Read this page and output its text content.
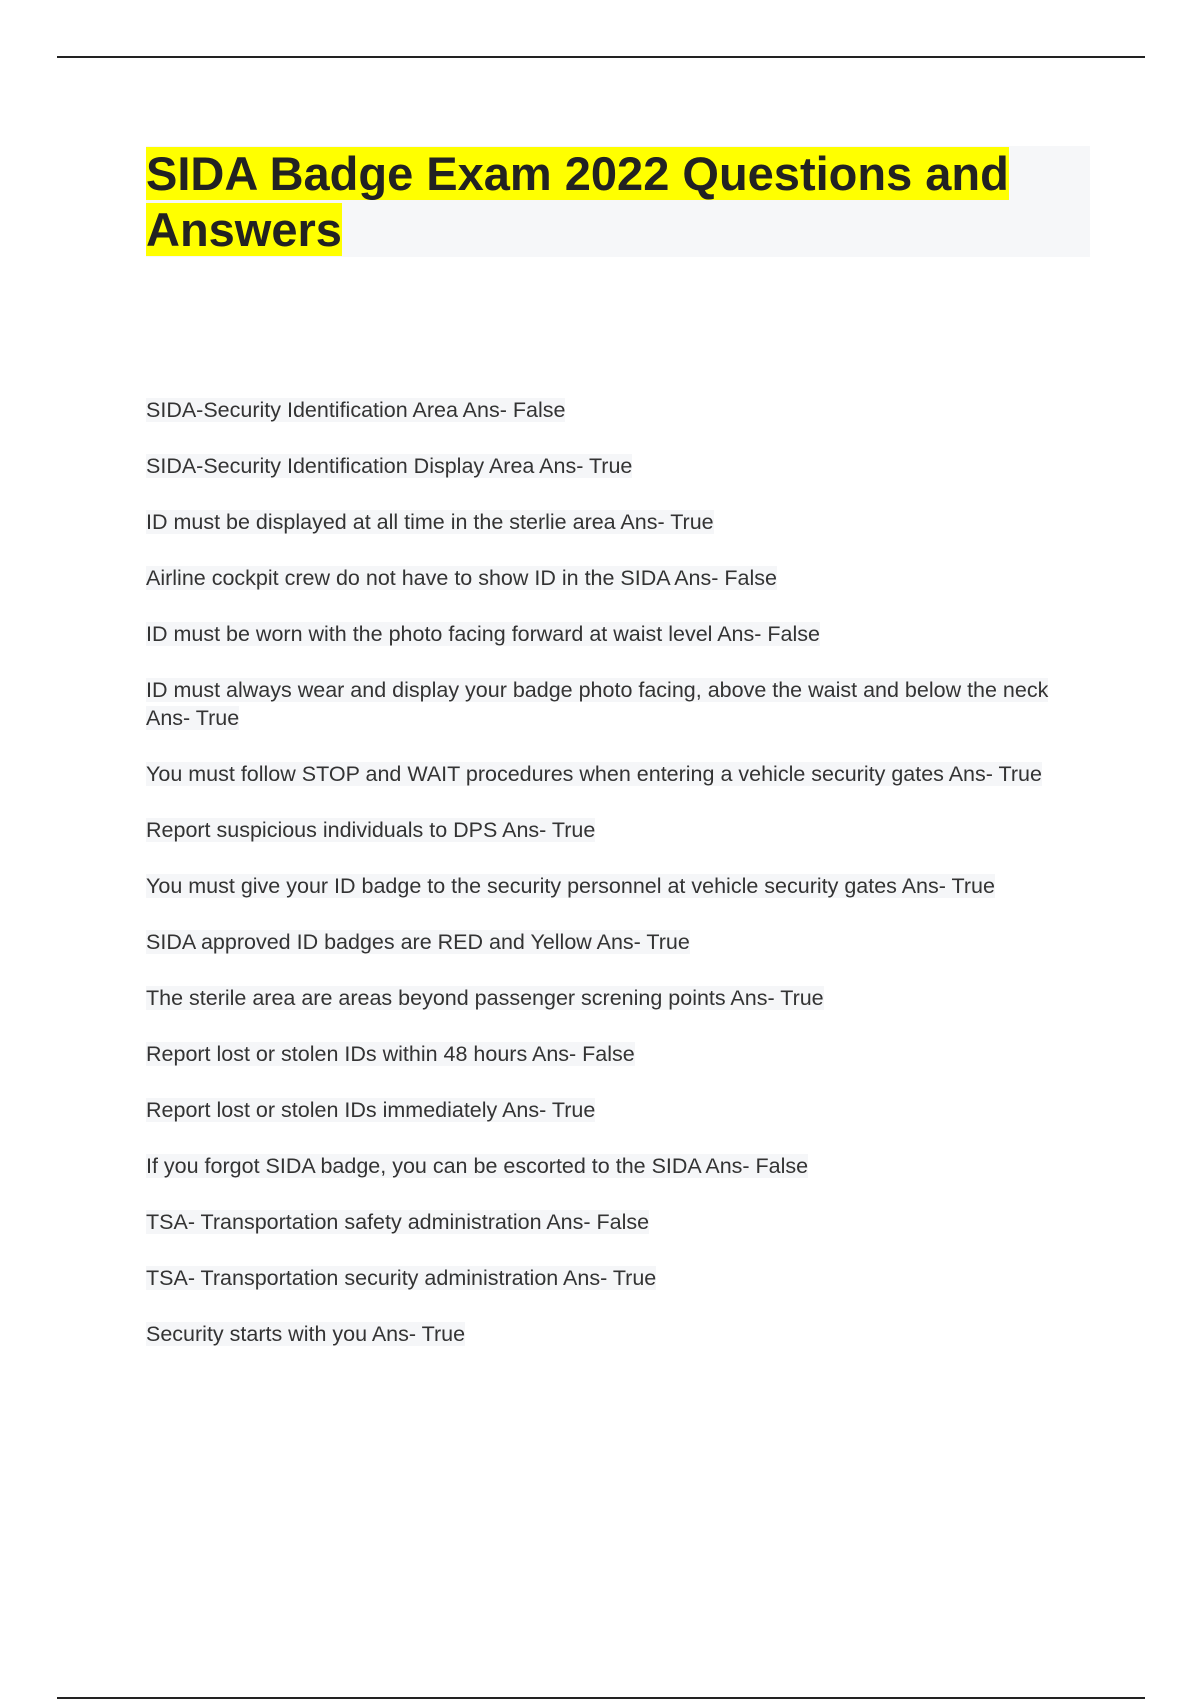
SIDA Badge Exam 2022 Questions and Answers
SIDA-Security Identification Area Ans- False
SIDA-Security Identification Display Area Ans- True
ID must be displayed at all time in the sterlie area Ans- True
Airline cockpit crew do not have to show ID in the SIDA Ans- False
ID must be worn with the photo facing forward at waist level Ans- False
ID must always wear and display your badge photo facing, above the waist and below the neck Ans- True
You must follow STOP and WAIT procedures when entering a vehicle security gates Ans- True
Report suspicious individuals to DPS Ans- True
You must give your ID badge to the security personnel at vehicle security gates Ans- True
SIDA approved ID badges are RED and Yellow Ans- True
The sterile area are areas beyond passenger screning points Ans- True
Report lost or stolen IDs within 48 hours Ans- False
Report lost or stolen IDs immediately Ans- True
If you forgot SIDA badge, you can be escorted to the SIDA Ans- False
TSA- Transportation safety administration Ans- False
TSA- Transportation security administration Ans- True
Security starts with you Ans- True
